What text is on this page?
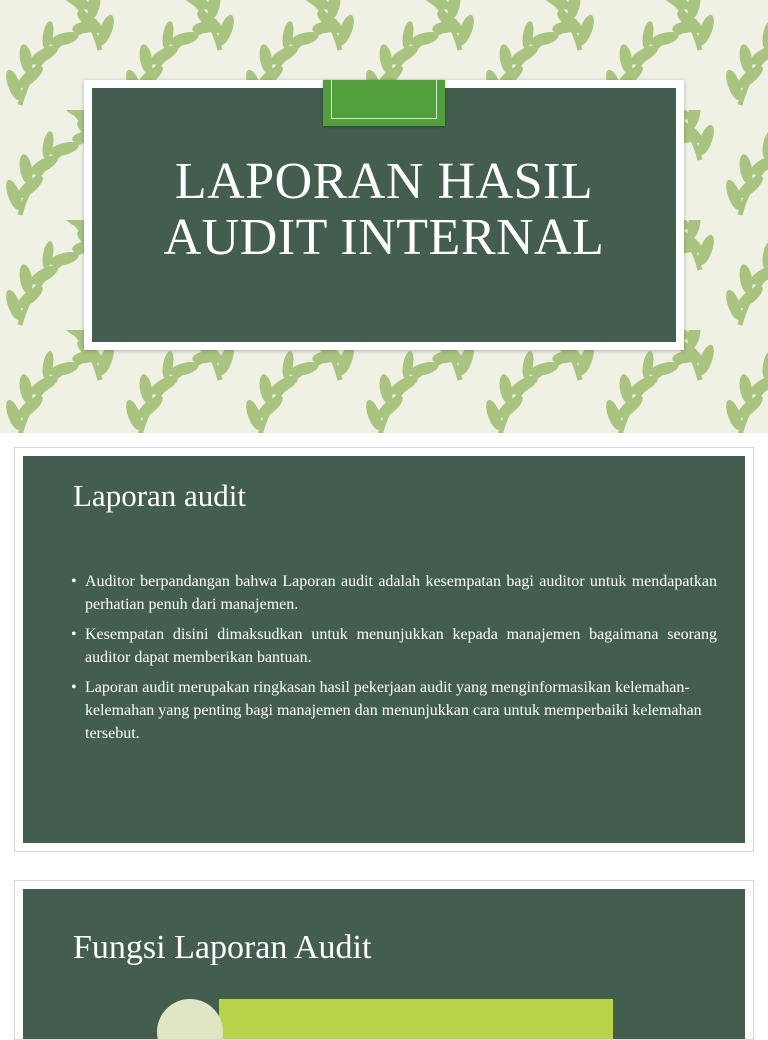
LAPORAN HASIL
AUDIT INTERNAL
Laporan audit
• Auditor berpandangan bahwa Laporan audit adalah kesempatan bagi auditor untuk mendapatkan perhatian penuh dari manajemen.
• Kesempatan disini dimaksudkan untuk menunjukkan kepada manajemen bagaimana seorang auditor dapat memberikan bantuan.
• Laporan audit merupakan ringkasan hasil pekerjaan audit yang menginformasikan kelemahan-kelemahan yang penting bagi manajemen dan menunjukkan cara untuk memperbaiki kelemahan tersebut.
Fungsi Laporan Audit
